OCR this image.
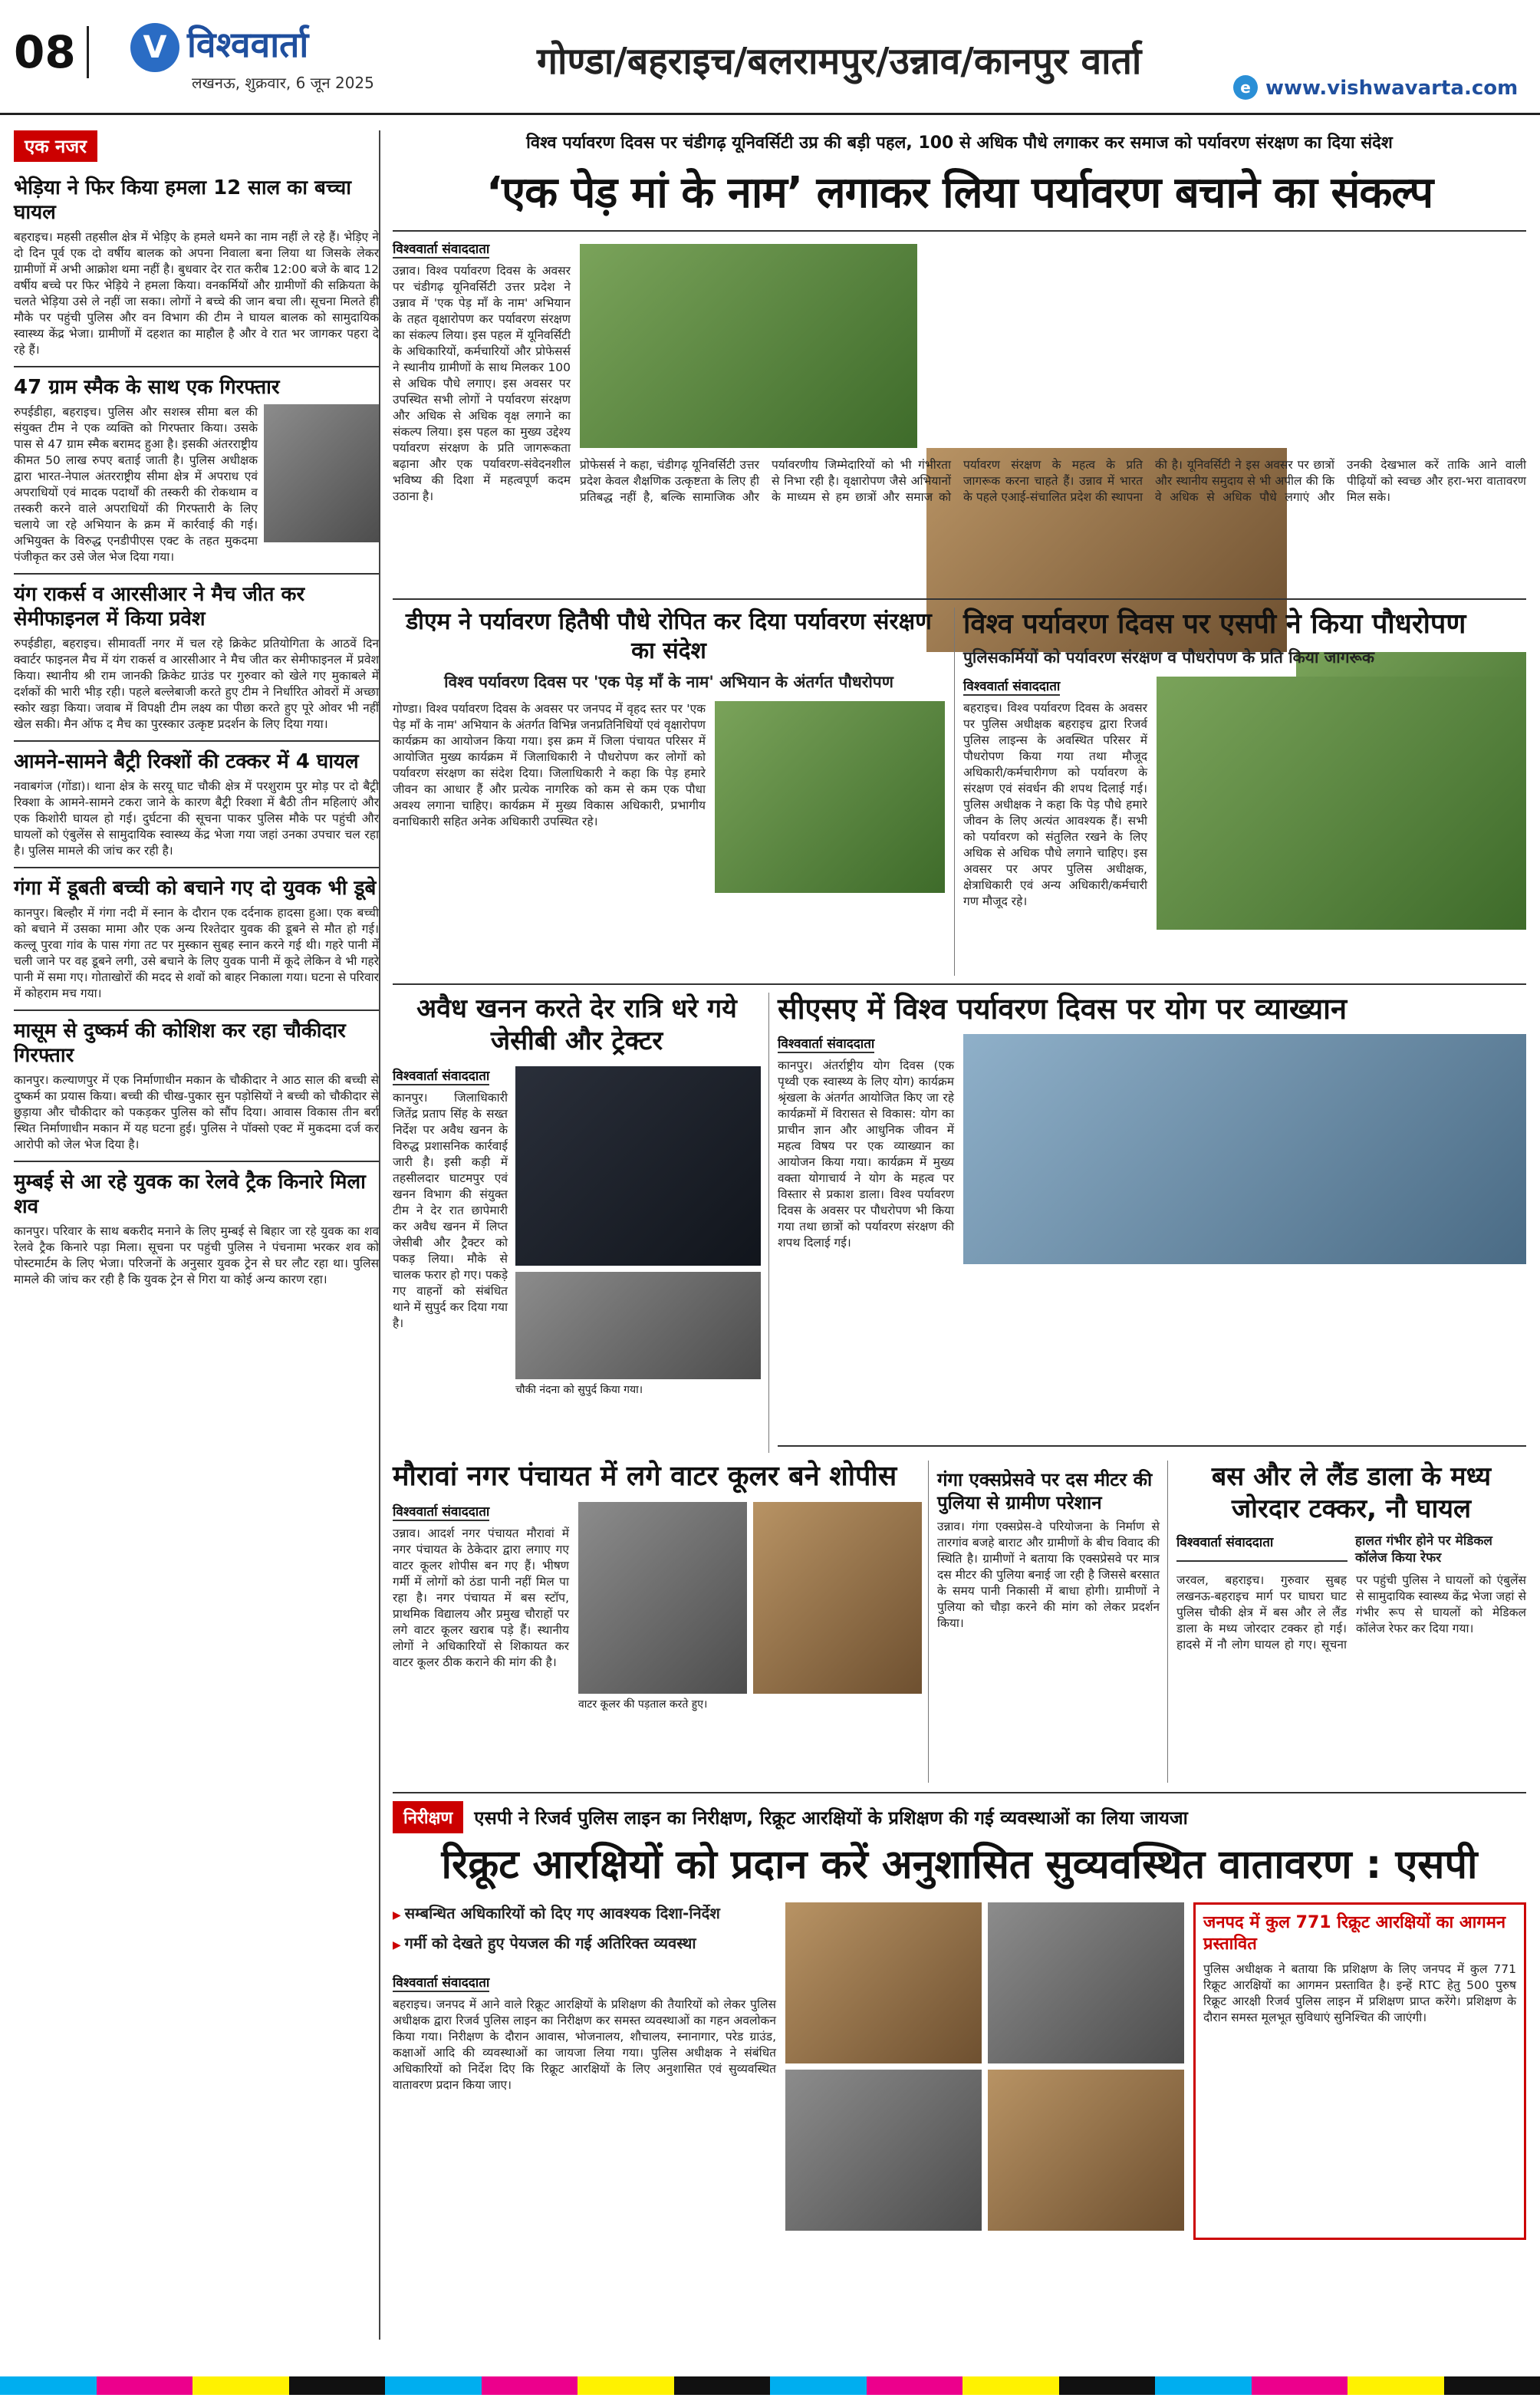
08	V विश्ववार्ता
लखनऊ, शुक्रवार, 6 जून 2025	गोण्डा/बहराइच/बलरामपुर/उन्नाव/कानपुर वार्ता
e www.vishwavarta.com
एक नजर
भेड़िया ने फिर किया हमला 12 साल का बच्चा घायल
बहराइच। महसी तहसील क्षेत्र में भेड़िए के हमले थमने का नाम नहीं ले रहे हैं। भेड़िए ने दो दिन पूर्व एक दो वर्षीय बालक को अपना निवाला बना लिया था जिसके लेकर ग्रामीणों में अभी आक्रोश थमा नहीं है। बुधवार देर रात करीब 12:00 बजे के बाद 12 वर्षीय बच्चे पर फिर भेड़िये ने हमला किया। वनकर्मियों और ग्रामीणों की सक्रियता के चलते भेड़िया उसे ले नहीं जा सका। लोगों ने बच्चे की जान बचा ली। सूचना मिलते ही मौके पर पहुंची पुलिस और वन विभाग की टीम ने घायल बालक को सामुदायिक स्वास्थ्य केंद्र भेजा। ग्रामीणों में दहशत का माहौल है और वे रात भर जागकर पहरा दे रहे हैं।
47 ग्राम स्मैक के साथ एक गिरफ्तार
रुपईडीहा, बहराइच। पुलिस और सशस्त्र सीमा बल की संयुक्त टीम ने एक व्यक्ति को गिरफ्तार किया। उसके पास से 47 ग्राम स्मैक बरामद हुआ है। इसकी अंतरराष्ट्रीय कीमत 50 लाख रुपए बताई जाती है। पुलिस अधीक्षक द्वारा भारत-नेपाल अंतरराष्ट्रीय सीमा क्षेत्र में अपराध एवं अपराधियों एवं मादक पदार्थों की तस्करी की रोकथाम व तस्करी करने वाले अपराधियों की गिरफ्तारी के लिए चलाये जा रहे अभियान के क्रम में कार्रवाई की गई। अभियुक्त के विरुद्ध एनडीपीएस एक्ट के तहत मुकदमा पंजीकृत कर उसे जेल भेज दिया गया।
यंग राकर्स व आरसीआर ने मैच जीत कर सेमीफाइनल में किया प्रवेश
रुपईडीहा, बहराइच। सीमावर्ती नगर में चल रहे क्रिकेट प्रतियोगिता के आठवें दिन क्वार्टर फाइनल मैच में यंग राकर्स व आरसीआर ने मैच जीत कर सेमीफाइनल में प्रवेश किया। स्थानीय श्री राम जानकी क्रिकेट ग्राउंड पर गुरुवार को खेले गए मुकाबले में दर्शकों की भारी भीड़ रही। पहले बल्लेबाजी करते हुए टीम ने निर्धारित ओवरों में अच्छा स्कोर खड़ा किया। जवाब में विपक्षी टीम लक्ष्य का पीछा करते हुए पूरे ओवर भी नहीं खेल सकी। मैन ऑफ द मैच का पुरस्कार उत्कृष्ट प्रदर्शन के लिए दिया गया।
आमने-सामने बैट्री रिक्शों की टक्कर में 4 घायल
नवाबगंज (गोंडा)। थाना क्षेत्र के सरयू घाट चौकी क्षेत्र में परशुराम पुर मोड़ पर दो बैट्री रिक्शा के आमने-सामने टकरा जाने के कारण बैट्री रिक्शा में बैठी तीन महिलाएं और एक किशोरी घायल हो गई। दुर्घटना की सूचना पाकर पुलिस मौके पर पहुंची और घायलों को एंबुलेंस से सामुदायिक स्वास्थ्य केंद्र भेजा गया जहां उनका उपचार चल रहा है। पुलिस मामले की जांच कर रही है।
गंगा में डूबती बच्ची को बचाने गए दो युवक भी डूबे
कानपुर। बिल्हौर में गंगा नदी में स्नान के दौरान एक दर्दनाक हादसा हुआ। एक बच्ची को बचाने में उसका मामा और एक अन्य रिश्तेदार युवक की डूबने से मौत हो गई। कल्लू पुरवा गांव के पास गंगा तट पर मुस्कान सुबह स्नान करने गई थी। गहरे पानी में चली जाने पर वह डूबने लगी, उसे बचाने के लिए युवक पानी में कूदे लेकिन वे भी गहरे पानी में समा गए। गोताखोरों की मदद से शवों को बाहर निकाला गया। घटना से परिवार में कोहराम मच गया।
मासूम से दुष्कर्म की कोशिश कर रहा चौकीदार गिरफ्तार
कानपुर। कल्याणपुर में एक निर्माणाधीन मकान के चौकीदार ने आठ साल की बच्ची से दुष्कर्म का प्रयास किया। बच्ची की चीख-पुकार सुन पड़ोसियों ने बच्ची को चौकीदार से छुड़ाया और चौकीदार को पकड़कर पुलिस को सौंप दिया। आवास विकास तीन बर्रा स्थित निर्माणाधीन मकान में यह घटना हुई। पुलिस ने पॉक्सो एक्ट में मुकदमा दर्ज कर आरोपी को जेल भेज दिया है।
मुम्बई से आ रहे युवक का रेलवे ट्रैक किनारे मिला शव
कानपुर। परिवार के साथ बकरीद मनाने के लिए मुम्बई से बिहार जा रहे युवक का शव रेलवे ट्रैक किनारे पड़ा मिला। सूचना पर पहुंची पुलिस ने पंचनामा भरकर शव को पोस्टमार्टम के लिए भेजा। परिजनों के अनुसार युवक ट्रेन से घर लौट रहा था। पुलिस मामले की जांच कर रही है कि युवक ट्रेन से गिरा या कोई अन्य कारण रहा।
विश्व पर्यावरण दिवस पर चंडीगढ़ यूनिवर्सिटी उप्र की बड़ी पहल, 100 से अधिक पौधे लगाकर कर समाज को पर्यावरण संरक्षण का दिया संदेश
‘एक पेड़ मां के नाम’ लगाकर लिया पर्यावरण बचाने का संकल्प
विश्ववार्ता संवाददाता
उन्नाव। विश्व पर्यावरण दिवस के अवसर पर चंडीगढ़ यूनिवर्सिटी उत्तर प्रदेश ने उन्नाव में 'एक पेड़ माँ के नाम' अभियान के तहत वृक्षारोपण कर पर्यावरण संरक्षण का संकल्प लिया। इस पहल में यूनिवर्सिटी के अधिकारियों, कर्मचारियों और प्रोफेसर्स ने स्थानीय ग्रामीणों के साथ मिलकर 100 से अधिक पौधे लगाए। इस अवसर पर उपस्थित सभी लोगों ने पर्यावरण संरक्षण और अधिक से अधिक वृक्ष लगाने का संकल्प लिया। इस पहल का मुख्य उद्देश्य पर्यावरण संरक्षण के प्रति जागरूकता बढ़ाना और एक पर्यावरण-संवेदनशील भविष्य की दिशा में महत्वपूर्ण कदम उठाना है।
प्रोफेसर्स ने कहा, चंडीगढ़ यूनिवर्सिटी उत्तर प्रदेश केवल शैक्षणिक उत्कृष्टता के लिए ही प्रतिबद्ध नहीं है, बल्कि सामाजिक और पर्यावरणीय जिम्मेदारियों को भी गंभीरता से निभा रही है। वृक्षारोपण जैसे अभियानों के माध्यम से हम छात्रों और समाज को पर्यावरण संरक्षण के महत्व के प्रति जागरूक करना चाहते हैं। उन्नाव में भारत के पहले एआई-संचालित प्रदेश की स्थापना की है। यूनिवर्सिटी ने इस अवसर पर छात्रों और स्थानीय समुदाय से भी अपील की कि वे अधिक से अधिक पौधे लगाएं और उनकी देखभाल करें ताकि आने वाली पीढ़ियों को स्वच्छ और हरा-भरा वातावरण मिल सके।
डीएम ने पर्यावरण हितैषी पौधे रोपित कर दिया पर्यावरण संरक्षण का संदेश
विश्व पर्यावरण दिवस पर 'एक पेड़ माँ के नाम' अभियान के अंतर्गत पौधरोपण
गोण्डा। विश्व पर्यावरण दिवस के अवसर पर जनपद में वृहद स्तर पर 'एक पेड़ माँ के नाम' अभियान के अंतर्गत विभिन्न जनप्रतिनिधियों एवं वृक्षारोपण कार्यक्रम का आयोजन किया गया। इस क्रम में जिला पंचायत परिसर में आयोजित मुख्य कार्यक्रम में जिलाधिकारी ने पौधरोपण कर लोगों को पर्यावरण संरक्षण का संदेश दिया। जिलाधिकारी ने कहा कि पेड़ हमारे जीवन का आधार हैं और प्रत्येक नागरिक को कम से कम एक पौधा अवश्य लगाना चाहिए। कार्यक्रम में मुख्य विकास अधिकारी, प्रभागीय वनाधिकारी सहित अनेक अधिकारी उपस्थित रहे।
विश्व पर्यावरण दिवस पर एसपी ने किया पौधरोपण
पुलिसकर्मियों को पर्यावरण संरक्षण व पौधरोपण के प्रति किया जागरूक
विश्ववार्ता संवाददाता
बहराइच। विश्व पर्यावरण दिवस के अवसर पर पुलिस अधीक्षक बहराइच द्वारा रिजर्व पुलिस लाइन्स के अवस्थित परिसर में पौधरोपण किया गया तथा मौजूद अधिकारी/कर्मचारीगण को पर्यावरण के संरक्षण एवं संवर्धन की शपथ दिलाई गई। पुलिस अधीक्षक ने कहा कि पेड़ पौधे हमारे जीवन के लिए अत्यंत आवश्यक हैं। सभी को पर्यावरण को संतुलित रखने के लिए अधिक से अधिक पौधे लगाने चाहिए। इस अवसर पर अपर पुलिस अधीक्षक, क्षेत्राधिकारी एवं अन्य अधिकारी/कर्मचारी गण मौजूद रहे।
अवैध खनन करते देर रात्रि धरे गये जेसीबी और ट्रेक्टर
विश्ववार्ता संवाददाता
कानपुर। जिलाधिकारी जितेंद्र प्रताप सिंह के सख्त निर्देश पर अवैध खनन के विरुद्ध प्रशासनिक कार्रवाई जारी है। इसी कड़ी में तहसीलदार घाटमपुर एवं खनन विभाग की संयुक्त टीम ने देर रात छापेमारी कर अवैध खनन में लिप्त जेसीबी और ट्रैक्टर को पकड़ लिया। मौके से चालक फरार हो गए। पकड़े गए वाहनों को संबंधित थाने में सुपुर्द कर दिया गया है।
चौकी नंदना को सुपुर्द किया गया।
सीएसए में विश्व पर्यावरण दिवस पर योग पर व्याख्यान
विश्ववार्ता संवाददाता
कानपुर। अंतर्राष्ट्रीय योग दिवस (एक पृथ्वी एक स्वास्थ्य के लिए योग) कार्यक्रम श्रृंखला के अंतर्गत आयोजित किए जा रहे कार्यक्रमों में विरासत से विकास: योग का प्राचीन ज्ञान और आधुनिक जीवन में महत्व विषय पर एक व्याख्यान का आयोजन किया गया। कार्यक्रम में मुख्य वक्ता योगाचार्य ने योग के महत्व पर विस्तार से प्रकाश डाला। विश्व पर्यावरण दिवस के अवसर पर पौधरोपण भी किया गया तथा छात्रों को पर्यावरण संरक्षण की शपथ दिलाई गई।
मौरावां नगर पंचायत में लगे वाटर कूलर बने शोपीस
विश्ववार्ता संवाददाता
उन्नाव। आदर्श नगर पंचायत मौरावां में नगर पंचायत के ठेकेदार द्वारा लगाए गए वाटर कूलर शोपीस बन गए हैं। भीषण गर्मी में लोगों को ठंडा पानी नहीं मिल पा रहा है। नगर पंचायत में बस स्टॉप, प्राथमिक विद्यालय और प्रमुख चौराहों पर लगे वाटर कूलर खराब पड़े हैं। स्थानीय लोगों ने अधिकारियों से शिकायत कर वाटर कूलर ठीक कराने की मांग की है।
वाटर कूलर की पड़ताल करते हुए।
गंगा एक्सप्रेसवे पर दस मीटर की पुलिया से ग्रामीण परेशान
उन्नाव। गंगा एक्सप्रेस-वे परियोजना के निर्माण से तारगांव बजहे बाराट और ग्रामीणों के बीच विवाद की स्थिति है। ग्रामीणों ने बताया कि एक्सप्रेसवे पर मात्र दस मीटर की पुलिया बनाई जा रही है जिससे बरसात के समय पानी निकासी में बाधा होगी। ग्रामीणों ने पुलिया को चौड़ा करने की मांग को लेकर प्रदर्शन किया।
बस और ले लैंड डाला के मध्य जोरदार टक्कर, नौ घायल
विश्ववार्ता संवाददाता	हालत गंभीर होने पर मेडिकल कॉलेज किया रेफर
जरवल, बहराइच। गुरुवार सुबह लखनऊ-बहराइच मार्ग पर घाघरा घाट पुलिस चौकी क्षेत्र में बस और ले लैंड डाला के मध्य जोरदार टक्कर हो गई। हादसे में नौ लोग घायल हो गए। सूचना पर पहुंची पुलिस ने घायलों को एंबुलेंस से सामुदायिक स्वास्थ्य केंद्र भेजा जहां से गंभीर रूप से घायलों को मेडिकल कॉलेज रेफर कर दिया गया।
निरीक्षण	एसपी ने रिजर्व पुलिस लाइन का निरीक्षण, रिक्रूट आरक्षियों के प्रशिक्षण की गई व्यवस्थाओं का लिया जायजा
रिक्रूट आरक्षियों को प्रदान करें अनुशासित सुव्यवस्थित वातावरण : एसपी
▶ सम्बन्धित अधिकारियों को दिए गए आवश्यक दिशा-निर्देश
▶ गर्मी को देखते हुए पेयजल की गई अतिरिक्त व्यवस्था
विश्ववार्ता संवाददाता
बहराइच। जनपद में आने वाले रिक्रूट आरक्षियों के प्रशिक्षण की तैयारियों को लेकर पुलिस अधीक्षक द्वारा रिजर्व पुलिस लाइन का निरीक्षण कर समस्त व्यवस्थाओं का गहन अवलोकन किया गया। निरीक्षण के दौरान आवास, भोजनालय, शौचालय, स्नानागार, परेड ग्राउंड, कक्षाओं आदि की व्यवस्थाओं का जायजा लिया गया। पुलिस अधीक्षक ने संबंधित अधिकारियों को निर्देश दिए कि रिक्रूट आरक्षियों के लिए अनुशासित एवं सुव्यवस्थित वातावरण प्रदान किया जाए।
जनपद में कुल 771 रिक्रूट आरक्षियों का आगमन प्रस्तावित
पुलिस अधीक्षक ने बताया कि प्रशिक्षण के लिए जनपद में कुल 771 रिक्रूट आरक्षियों का आगमन प्रस्तावित है। इन्हें RTC हेतु 500 पुरुष रिक्रूट आरक्षी रिजर्व पुलिस लाइन में प्रशिक्षण प्राप्त करेंगे। प्रशिक्षण के दौरान समस्त मूलभूत सुविधाएं सुनिश्चित की जाएंगी।
